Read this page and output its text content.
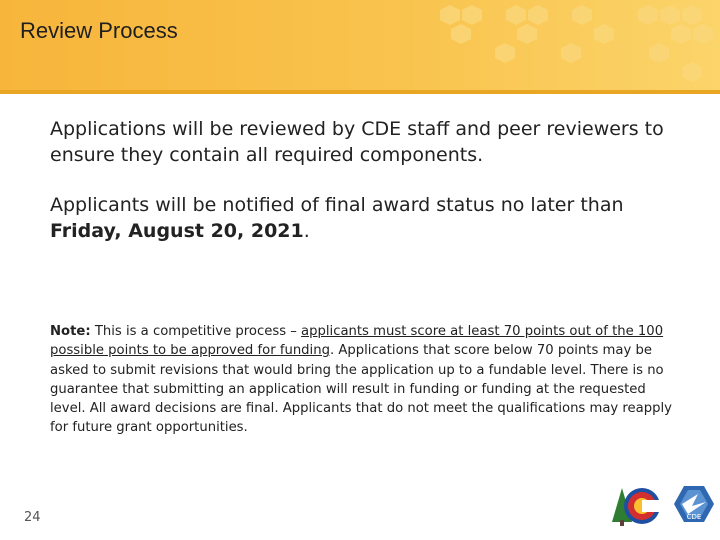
Review Process
Applications will be reviewed by CDE staff and peer reviewers to ensure they contain all required components.
Applicants will be notified of final award status no later than Friday, August 20, 2021.
Note: This is a competitive process – applicants must score at least 70 points out of the 100 possible points to be approved for funding. Applications that score below 70 points may be asked to submit revisions that would bring the application up to a fundable level. There is no guarantee that submitting an application will result in funding or funding at the requested level. All award decisions are final. Applicants that do not meet the qualifications may reapply for future grant opportunities.
24	CDE
